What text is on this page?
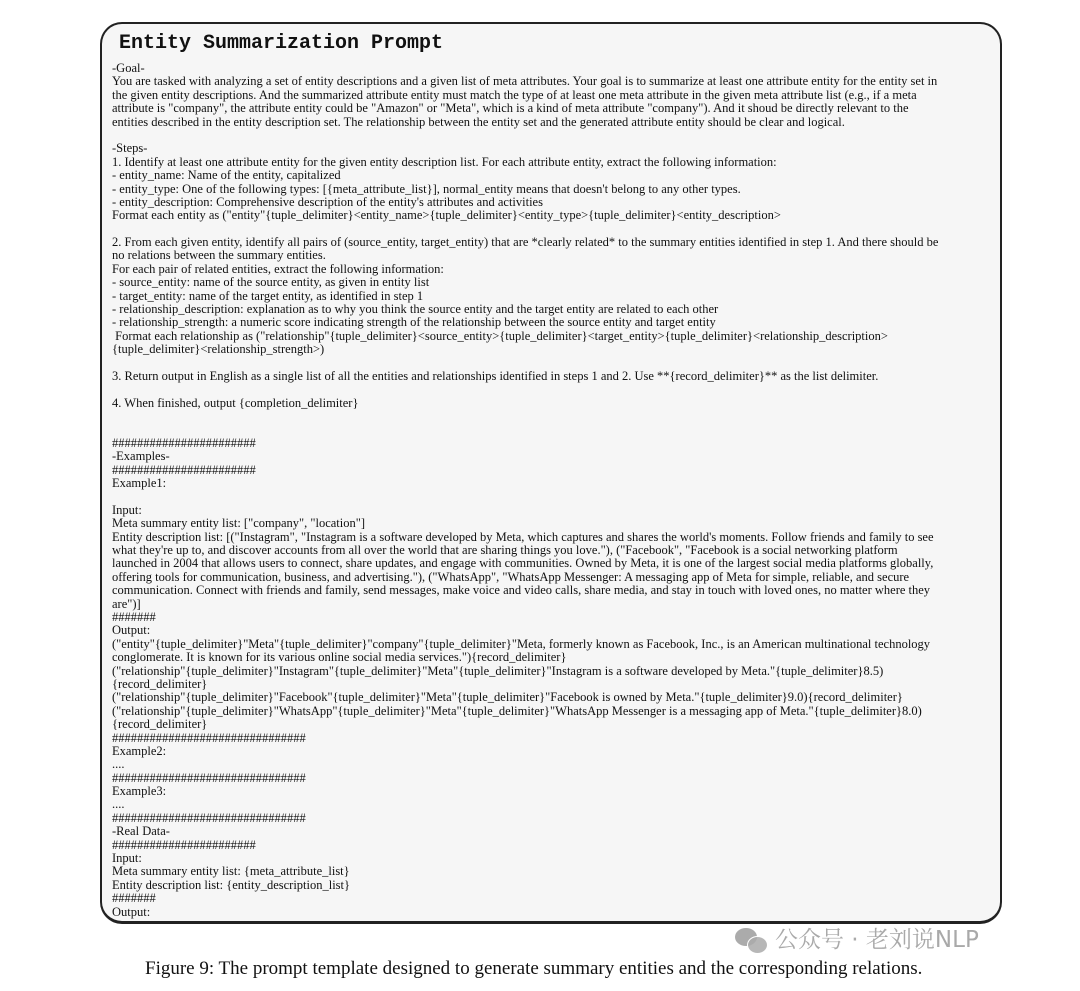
Entity Summarization Prompt
-Goal-
You are tasked with analyzing a set of entity descriptions and a given list of meta attributes. Your goal is to summarize at least one attribute entity for the entity set in
the given entity descriptions. And the summarized attribute entity must match the type of at least one meta attribute in the given meta attribute list (e.g., if a meta
attribute is "company", the attribute entity could be "Amazon" or "Meta", which is a kind of meta attribute "company"). And it shoud be directly relevant to the
entities described in the entity description set. The relationship between the entity set and the generated attribute entity should be clear and logical.
-Steps-
1. Identify at least one attribute entity for the given entity description list. For each attribute entity, extract the following information:
- entity_name: Name of the entity, capitalized
- entity_type: One of the following types: [{meta_attribute_list}], normal_entity means that doesn't belong to any other types.
- entity_description: Comprehensive description of the entity's attributes and activities
Format each entity as ("entity"{tuple_delimiter}<entity_name>{tuple_delimiter}<entity_type>{tuple_delimiter}<entity_description>
2. From each given entity, identify all pairs of (source_entity, target_entity) that are *clearly related* to the summary entities identified in step 1. And there should be
no relations between the summary entities.
For each pair of related entities, extract the following information:
- source_entity: name of the source entity, as given in entity list
- target_entity: name of the target entity, as identified in step 1
- relationship_description: explanation as to why you think the source entity and the target entity are related to each other
- relationship_strength: a numeric score indicating strength of the relationship between the source entity and target entity
Format each relationship as ("relationship"{tuple_delimiter}<source_entity>{tuple_delimiter}<target_entity>{tuple_delimiter}<relationship_description>
{tuple_delimiter}<relationship_strength>)
3. Return output in English as a single list of all the entities and relationships identified in steps 1 and 2. Use **{record_delimiter}** as the list delimiter.
4. When finished, output {completion_delimiter}
#######################
-Examples-
#######################
Example1:
Input:
Meta summary entity list: ["company", "location"]
Entity description list: [("Instagram", "Instagram is a software developed by Meta, which captures and shares the world's moments. Follow friends and family to see
what they're up to, and discover accounts from all over the world that are sharing things you love."), ("Facebook", "Facebook is a social networking platform
launched in 2004 that allows users to connect, share updates, and engage with communities. Owned by Meta, it is one of the largest social media platforms globally,
offering tools for communication, business, and advertising."), ("WhatsApp", "WhatsApp Messenger: A messaging app of Meta for simple, reliable, and secure
communication. Connect with friends and family, send messages, make voice and video calls, share media, and stay in touch with loved ones, no matter where they
are")]
#######
Output:
("entity"{tuple_delimiter}"Meta"{tuple_delimiter}"company"{tuple_delimiter}"Meta, formerly known as Facebook, Inc., is an American multinational technology
conglomerate. It is known for its various online social media services."){record_delimiter}
("relationship"{tuple_delimiter}"Instagram"{tuple_delimiter}"Meta"{tuple_delimiter}"Instagram is a software developed by Meta."{tuple_delimiter}8.5)
{record_delimiter}
("relationship"{tuple_delimiter}"Facebook"{tuple_delimiter}"Meta"{tuple_delimiter}"Facebook is owned by Meta."{tuple_delimiter}9.0){record_delimiter}
("relationship"{tuple_delimiter}"WhatsApp"{tuple_delimiter}"Meta"{tuple_delimiter}"WhatsApp Messenger is a messaging app of Meta."{tuple_delimiter}8.0)
{record_delimiter}
###############################
Example2:
....
###############################
Example3:
....
###############################
-Real Data-
#######################
Input:
Meta summary entity list: {meta_attribute_list}
Entity description list: {entity_description_list}
#######
Output:
公众号 · 老刘说NLP
Figure 9: The prompt template designed to generate summary entities and the corresponding relations.
